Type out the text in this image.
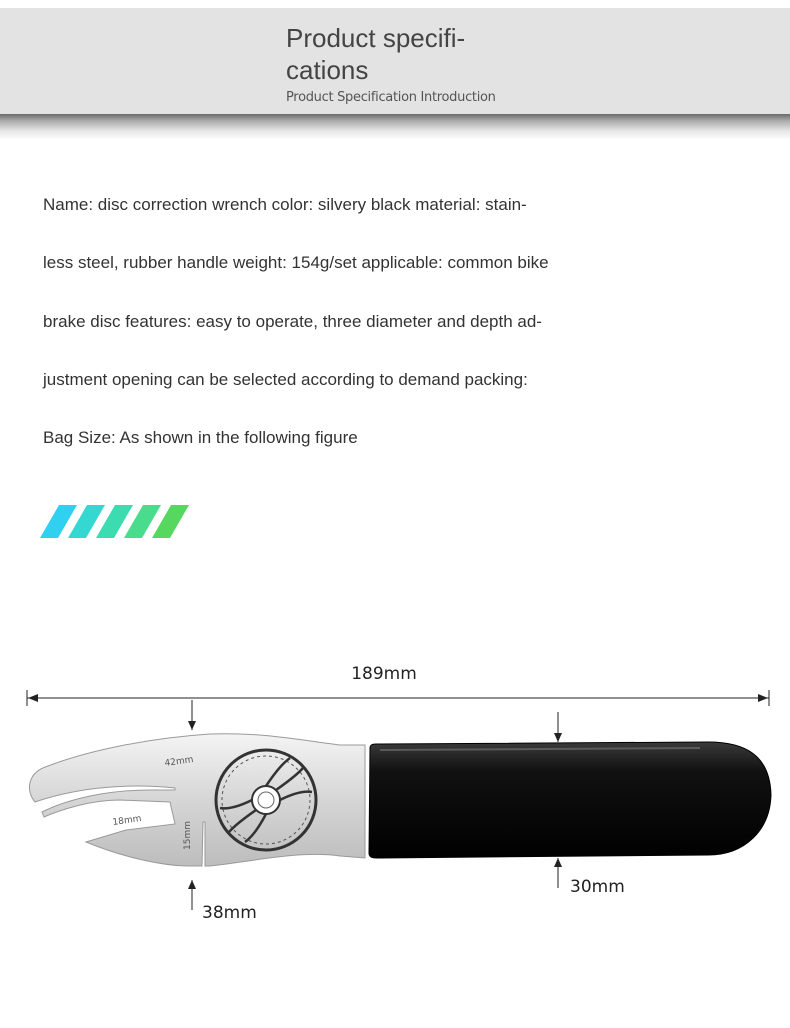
Product specifi-
cations
Product Specification Introduction
Name: disc correction wrench color: silvery black material: stain-
less steel, rubber handle weight: 154g/set applicable: common bike
brake disc features: easy to operate, three diameter and depth ad-
justment opening can be selected according to demand packing:
Bag Size: As shown in the following figure
189mm
42mm
18mm	15mm
38mm
30mm
